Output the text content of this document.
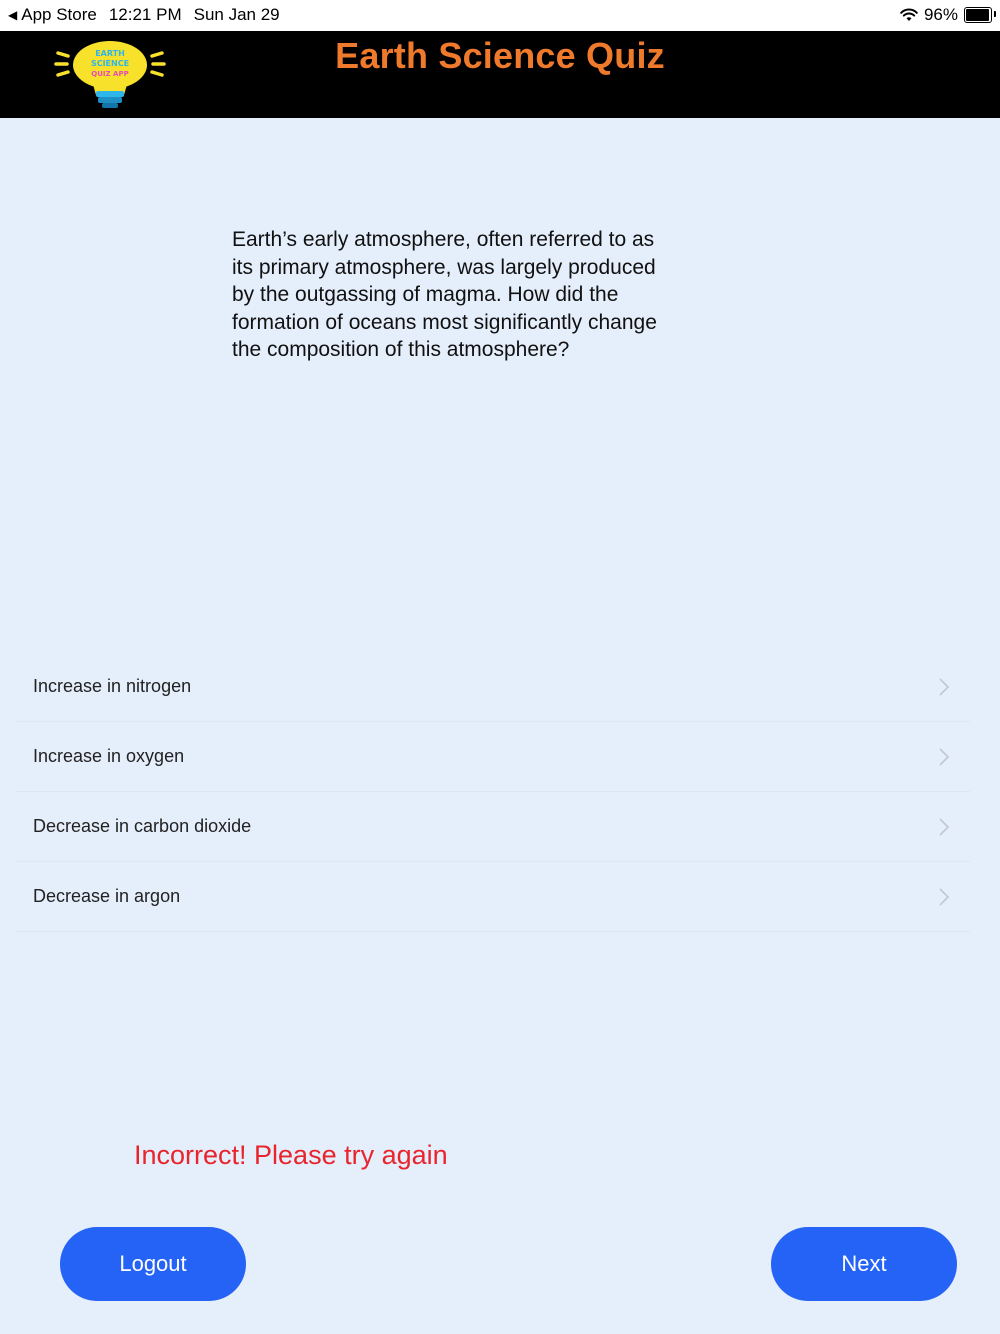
◀ App Store 12:21 PM Sun Jan 29	96%
EARTH
SCIENCE
QUIZ APP	Earth Science Quiz
Earth’s early atmosphere, often referred to as its primary atmosphere, was largely produced by the outgassing of magma. How did the formation of oceans most significantly change the composition of this atmosphere?
Increase in nitrogen
Increase in oxygen
Decrease in carbon dioxide
Decrease in argon
Incorrect! Please try again
Logout	Next
